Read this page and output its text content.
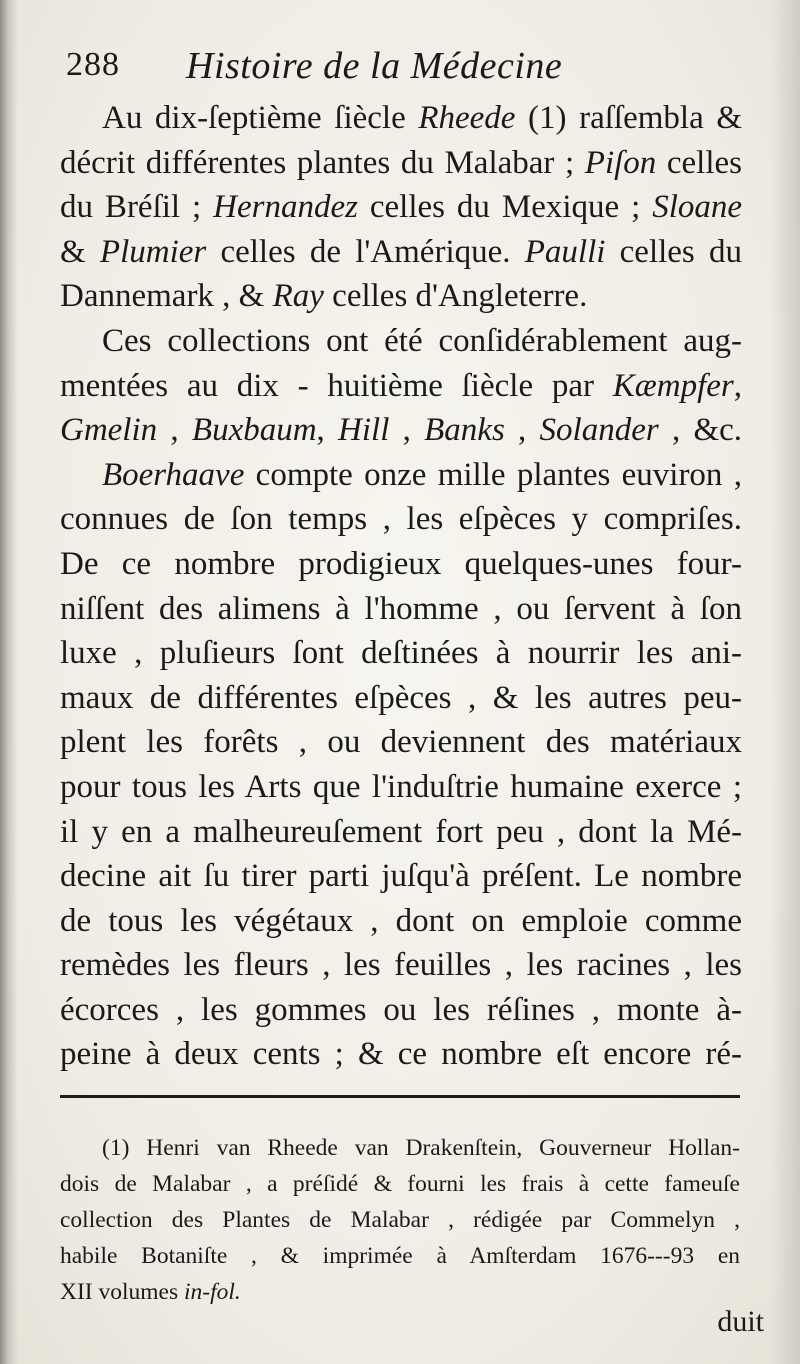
288 Histoire de la Médecine
Au dix-ſeptième ſiècle Rheede (1) raſſembla &
décrit différentes plantes du Malabar ; Piſon celles
du Bréſil ; Hernandez celles du Mexique ; Sloane
& Plumier celles de l'Amérique. Paulli celles du
Dannemark , & Ray celles d'Angleterre.
Ces collections ont été conſidérablement aug-
mentées au dix - huitième ſiècle par Kæmpfer,
Gmelin , Buxbaum, Hill , Banks , Solander , &c.
Boerhaave compte onze mille plantes euviron ,
connues de ſon temps , les eſpèces y compriſes.
De ce nombre prodigieux quelques-unes four-
niſſent des alimens à l'homme , ou ſervent à ſon
luxe , pluſieurs ſont deſtinées à nourrir les ani-
maux de différentes eſpèces , & les autres peu-
plent les forêts , ou deviennent des matériaux
pour tous les Arts que l'induſtrie humaine exerce ;
il y en a malheureuſement fort peu , dont la Mé-
decine ait ſu tirer parti juſqu'à préſent. Le nombre
de tous les végétaux , dont on emploie comme
remèdes les fleurs , les feuilles , les racines , les
écorces , les gommes ou les réſines , monte à-
peine à deux cents ; & ce nombre eſt encore ré-
(1) Henri van Rheede van Drakenſtein, Gouverneur Hollan-
dois de Malabar , a préſidé & fourni les frais à cette fameuſe
collection des Plantes de Malabar , rédigée par Commelyn ,
habile Botaniſte , & imprimée à Amſterdam 1676---93 en
XII volumes in-fol.
duit
